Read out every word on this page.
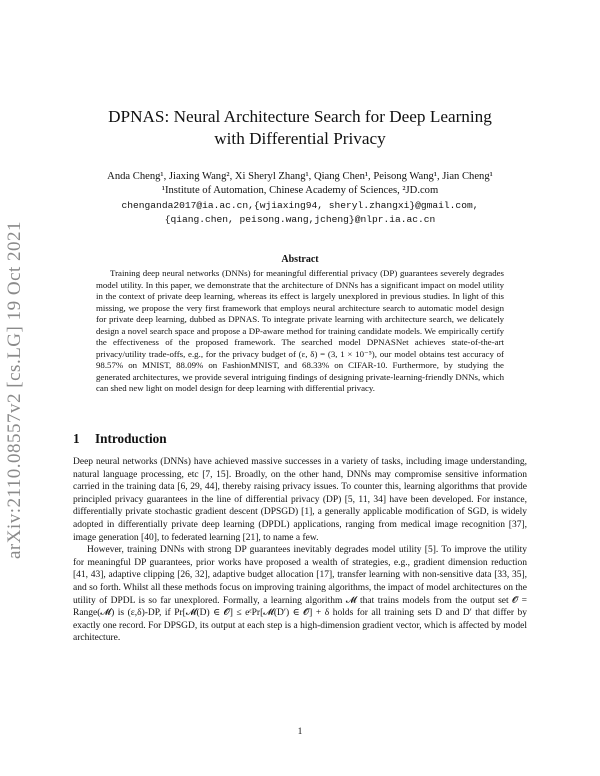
arXiv:2110.08557v2 [cs.LG] 19 Oct 2021
DPNAS: Neural Architecture Search for Deep Learning
with Differential Privacy
Anda Cheng¹, Jiaxing Wang², Xi Sheryl Zhang¹, Qiang Chen¹, Peisong Wang¹, Jian Cheng¹
¹Institute of Automation, Chinese Academy of Sciences, ²JD.com
chenganda2017@ia.ac.cn,{wjiaxing94, sheryl.zhangxi}@gmail.com,
{qiang.chen, peisong.wang,jcheng}@nlpr.ia.ac.cn
Abstract

Training deep neural networks (DNNs) for meaningful differential privacy (DP) guarantees severely degrades model utility. In this paper, we demonstrate that the architecture of DNNs has a significant impact on model utility in the context of private deep learning, whereas its effect is largely unexplored in previous studies. In light of this missing, we propose the very first framework that employs neural architecture search to automatic model design for private deep learning, dubbed as DPNAS. To integrate private learning with architecture search, we delicately design a novel search space and propose a DP-aware method for training candidate models. We empirically certify the effectiveness of the proposed framework. The searched model DPNASNet achieves state-of-the-art privacy/utility trade-offs, e.g., for the privacy budget of (ε, δ) = (3, 1 × 10⁻⁵), our model obtains test accuracy of 98.57% on MNIST, 88.09% on FashionMNIST, and 68.33% on CIFAR-10. Furthermore, by studying the generated architectures, we provide several intriguing findings of designing private-learning-friendly DNNs, which can shed new light on model design for deep learning with differential privacy.

1 Introduction

Deep neural networks (DNNs) have achieved massive successes in a variety of tasks, including image understanding, natural language processing, etc [7, 15]. Broadly, on the other hand, DNNs may compromise sensitive information carried in the training data [6, 29, 44], thereby raising privacy issues. To counter this, learning algorithms that provide principled privacy guarantees in the line of differential privacy (DP) [5, 11, 34] have been developed. For instance, differentially private stochastic gradient descent (DPSGD) [1], a generally applicable modification of SGD, is widely adopted in differentially private deep learning (DPDL) applications, ranging from medical image recognition [37], image generation [40], to federated learning [21], to name a few.

However, training DNNs with strong DP guarantees inevitably degrades model utility [5]. To improve the utility for meaningful DP guarantees, prior works have proposed a wealth of strategies, e.g., gradient dimension reduction [41, 43], adaptive clipping [26, 32], adaptive budget allocation [17], transfer learning with non-sensitive data [33, 35], and so forth. Whilst all these methods focus on improving training algorithms, the impact of model architectures on the utility of DPDL is so far unexplored. Formally, a learning algorithm 𝓜 that trains models from the output set 𝓞 = Range(𝓜) is (ε,δ)-DP, if Pr[𝓜(D) ∈ 𝓞] ≤ eᵋPr[𝓜(D′) ∈ 𝓞] + δ holds for all training sets D and D′ that differ by exactly one record. For DPSGD, its output at each step is a high-dimension gradient vector, which is affected by model architecture.

1
